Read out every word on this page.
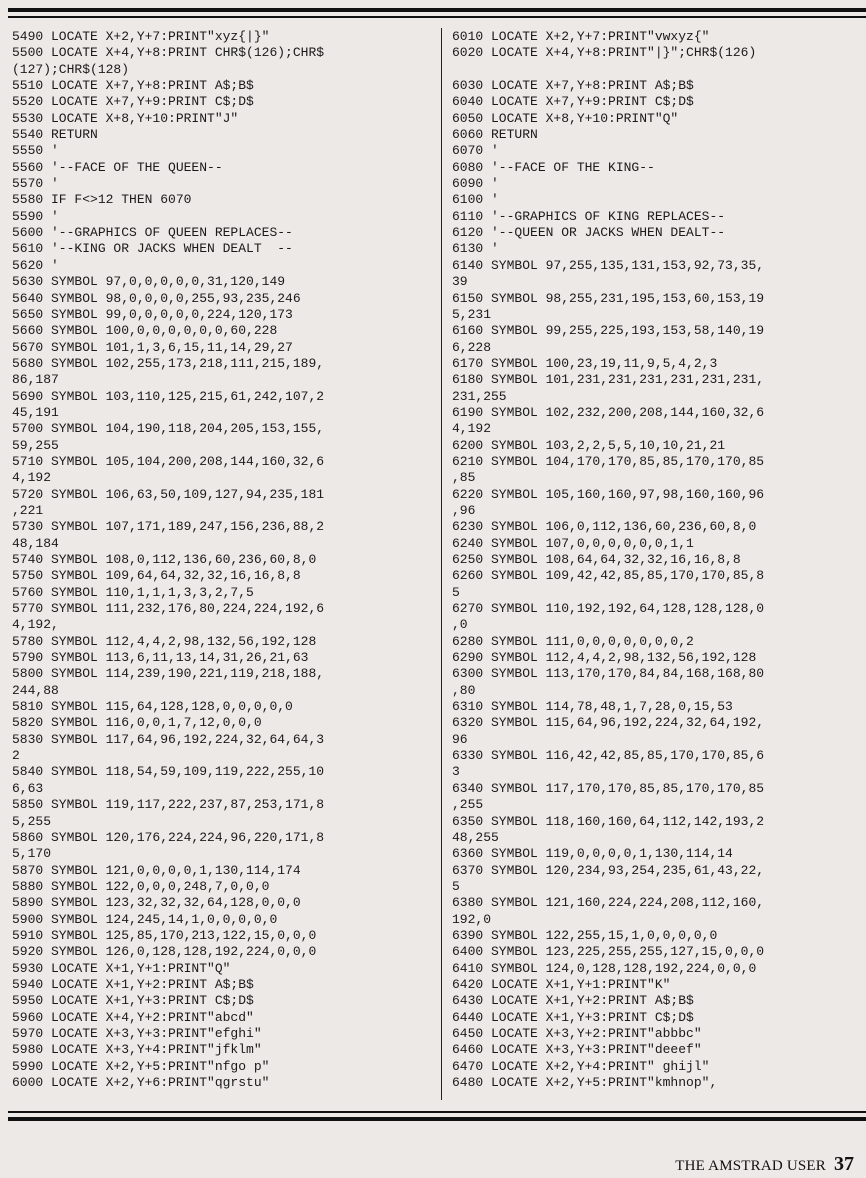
5490 LOCATE X+2,Y+7:PRINT"xyz{|}"
5500 LOCATE X+4,Y+8:PRINT CHR$(126);CHR$
(127);CHR$(128)
5510 LOCATE X+7,Y+8:PRINT A$;B$
5520 LOCATE X+7,Y+9:PRINT C$;D$
5530 LOCATE X+8,Y+10:PRINT"J"
5540 RETURN
5550 '
5560 '--FACE OF THE QUEEN--
5570 '
5580 IF F<>12 THEN 6070
5590 '
5600 '--GRAPHICS OF QUEEN REPLACES--
5610 '--KING OR JACKS WHEN DEALT  --
5620 '
5630 SYMBOL 97,0,0,0,0,0,31,120,149
5640 SYMBOL 98,0,0,0,0,255,93,235,246
5650 SYMBOL 99,0,0,0,0,0,224,120,173
5660 SYMBOL 100,0,0,0,0,0,0,60,228
5670 SYMBOL 101,1,3,6,15,11,14,29,27
5680 SYMBOL 102,255,173,218,111,215,189,
86,187
5690 SYMBOL 103,110,125,215,61,242,107,2
45,191
5700 SYMBOL 104,190,118,204,205,153,155,
59,255
5710 SYMBOL 105,104,200,208,144,160,32,6
4,192
5720 SYMBOL 106,63,50,109,127,94,235,181
,221
5730 SYMBOL 107,171,189,247,156,236,88,2
48,184
5740 SYMBOL 108,0,112,136,60,236,60,8,0
5750 SYMBOL 109,64,64,32,32,16,16,8,8
5760 SYMBOL 110,1,1,1,3,3,2,7,5
5770 SYMBOL 111,232,176,80,224,224,192,6
4,192,
5780 SYMBOL 112,4,4,2,98,132,56,192,128
5790 SYMBOL 113,6,11,13,14,31,26,21,63
5800 SYMBOL 114,239,190,221,119,218,188,
244,88
5810 SYMBOL 115,64,128,128,0,0,0,0,0
5820 SYMBOL 116,0,0,1,7,12,0,0,0
5830 SYMBOL 117,64,96,192,224,32,64,64,3
2
5840 SYMBOL 118,54,59,109,119,222,255,10
6,63
5850 SYMBOL 119,117,222,237,87,253,171,8
5,255
5860 SYMBOL 120,176,224,224,96,220,171,8
5,170
5870 SYMBOL 121,0,0,0,0,1,130,114,174
5880 SYMBOL 122,0,0,0,248,7,0,0,0
5890 SYMBOL 123,32,32,32,64,128,0,0,0
5900 SYMBOL 124,245,14,1,0,0,0,0,0
5910 SYMBOL 125,85,170,213,122,15,0,0,0
5920 SYMBOL 126,0,128,128,192,224,0,0,0
5930 LOCATE X+1,Y+1:PRINT"Q"
5940 LOCATE X+1,Y+2:PRINT A$;B$
5950 LOCATE X+1,Y+3:PRINT C$;D$
5960 LOCATE X+4,Y+2:PRINT"abcd"
5970 LOCATE X+3,Y+3:PRINT"efghi"
5980 LOCATE X+3,Y+4:PRINT"jfklm"
5990 LOCATE X+2,Y+5:PRINT"nfgo p"
6000 LOCATE X+2,Y+6:PRINT"qgrstu"
6010 LOCATE X+2,Y+7:PRINT"vwxyz{"
6020 LOCATE X+4,Y+8:PRINT"|}";CHR$(126)

6030 LOCATE X+7,Y+8:PRINT A$;B$
6040 LOCATE X+7,Y+9:PRINT C$;D$
6050 LOCATE X+8,Y+10:PRINT"Q"
6060 RETURN
6070 '
6080 '--FACE OF THE KING--
6090 '
6100 '
6110 '--GRAPHICS OF KING REPLACES--
6120 '--QUEEN OR JACKS WHEN DEALT--
6130 '
6140 SYMBOL 97,255,135,131,153,92,73,35,
39
6150 SYMBOL 98,255,231,195,153,60,153,19
5,231
6160 SYMBOL 99,255,225,193,153,58,140,19
6,228
6170 SYMBOL 100,23,19,11,9,5,4,2,3
6180 SYMBOL 101,231,231,231,231,231,231,
231,255
6190 SYMBOL 102,232,200,208,144,160,32,6
4,192
6200 SYMBOL 103,2,2,5,5,10,10,21,21
6210 SYMBOL 104,170,170,85,85,170,170,85
,85
6220 SYMBOL 105,160,160,97,98,160,160,96
,96
6230 SYMBOL 106,0,112,136,60,236,60,8,0
6240 SYMBOL 107,0,0,0,0,0,0,1,1
6250 SYMBOL 108,64,64,32,32,16,16,8,8
6260 SYMBOL 109,42,42,85,85,170,170,85,8
5
6270 SYMBOL 110,192,192,64,128,128,128,0
,0
6280 SYMBOL 111,0,0,0,0,0,0,0,2
6290 SYMBOL 112,4,4,2,98,132,56,192,128
6300 SYMBOL 113,170,170,84,84,168,168,80
,80
6310 SYMBOL 114,78,48,1,7,28,0,15,53
6320 SYMBOL 115,64,96,192,224,32,64,192,
96
6330 SYMBOL 116,42,42,85,85,170,170,85,6
3
6340 SYMBOL 117,170,170,85,85,170,170,85
,255
6350 SYMBOL 118,160,160,64,112,142,193,2
48,255
6360 SYMBOL 119,0,0,0,0,1,130,114,14
6370 SYMBOL 120,234,93,254,235,61,43,22,
5
6380 SYMBOL 121,160,224,224,208,112,160,
192,0
6390 SYMBOL 122,255,15,1,0,0,0,0,0
6400 SYMBOL 123,225,255,255,127,15,0,0,0
6410 SYMBOL 124,0,128,128,192,224,0,0,0
6420 LOCATE X+1,Y+1:PRINT"K"
6430 LOCATE X+1,Y+2:PRINT A$;B$
6440 LOCATE X+1,Y+3:PRINT C$;D$
6450 LOCATE X+3,Y+2:PRINT"abbbc"
6460 LOCATE X+3,Y+3:PRINT"deeef"
6470 LOCATE X+2,Y+4:PRINT" ghijl"
6480 LOCATE X+2,Y+5:PRINT"kmhnop",
THE AMSTRAD USER 37
